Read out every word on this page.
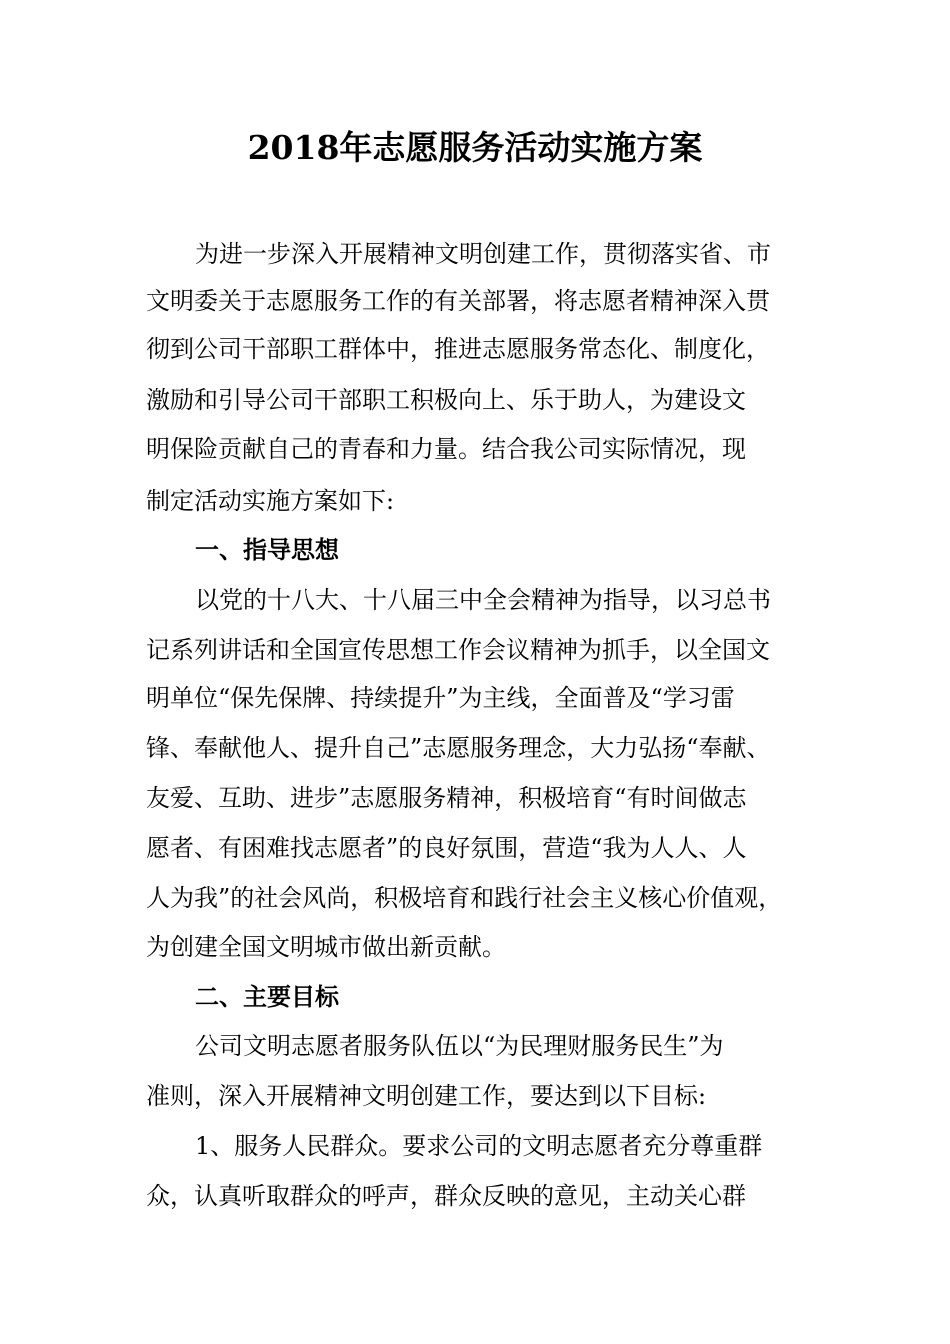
2018年志愿服务活动实施方案

为进一步深入开展精神文明创建工作，贯彻落实省、市

文明委关于志愿服务工作的有关部署，将志愿者精神深入贯

彻到公司干部职工群体中，推进志愿服务常态化、制度化，

激励和引导公司干部职工积极向上、乐于助人，为建设文

明保险贡献自己的青春和力量。结合我公司实际情况，现

制定活动实施方案如下:

一、指导思想

以党的十八大、十八届三中全会精神为指导，以习总书

记系列讲话和全国宣传思想工作会议精神为抓手，以全国文

明单位“保先保牌、持续提升”为主线，全面普及“学习雷

锋、奉献他人、提升自己”志愿服务理念，大力弘扬“奉献、

友爱、互助、进步”志愿服务精神，积极培育“有时间做志

愿者、有困难找志愿者”的良好氛围，营造“我为人人、人

人为我”的社会风尚，积极培育和践行社会主义核心价值观，

为创建全国文明城市做出新贡献。

二、主要目标

公司文明志愿者服务队伍以“为民理财服务民生”为

准则，深入开展精神文明创建工作，要达到以下目标:

1、服务人民群众。要求公司的文明志愿者充分尊重群

众，认真听取群众的呼声，群众反映的意见，主动关心群
